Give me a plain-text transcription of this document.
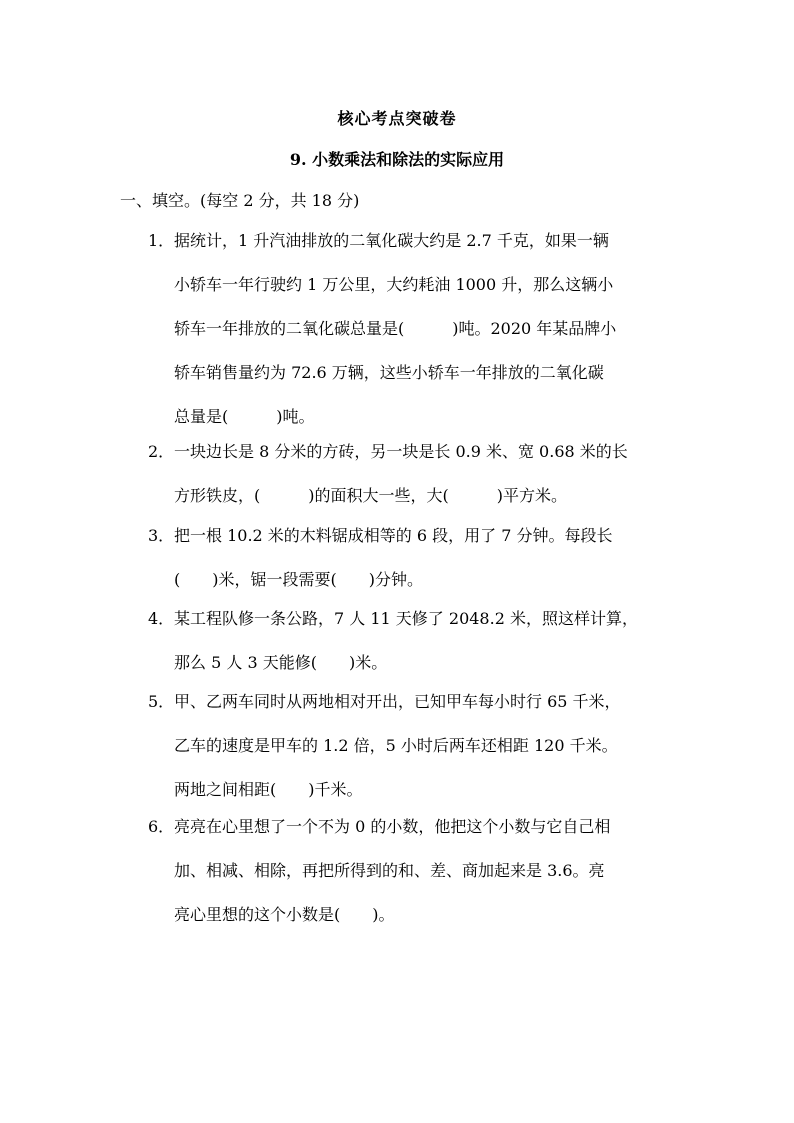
核心考点突破卷
9. 小数乘法和除法的实际应用
一、填空。(每空 2 分，共 18 分)
1．据统计，1 升汽油排放的二氧化碳大约是 2.7 千克，如果一辆
小轿车一年行驶约 1 万公里，大约耗油 1000 升，那么这辆小
轿车一年排放的二氧化碳总量是(　　　)吨。2020 年某品牌小
轿车销售量约为 72.6 万辆，这些小轿车一年排放的二氧化碳
总量是(　　　)吨。
2．一块边长是 8 分米的方砖，另一块是长 0.9 米、宽 0.68 米的长
方形铁皮，(　　　)的面积大一些，大(　　　)平方米。
3．把一根 10.2 米的木料锯成相等的 6 段，用了 7 分钟。每段长
(　　)米，锯一段需要(　　)分钟。
4．某工程队修一条公路，7 人 11 天修了 2048.2 米，照这样计算，
那么 5 人 3 天能修(　　)米。
5．甲、乙两车同时从两地相对开出，已知甲车每小时行 65 千米，
乙车的速度是甲车的 1.2 倍，5 小时后两车还相距 120 千米。
两地之间相距(　　)千米。
6．亮亮在心里想了一个不为 0 的小数，他把这个小数与它自己相
加、相减、相除，再把所得到的和、差、商加起来是 3.6。亮
亮心里想的这个小数是(　　)。
